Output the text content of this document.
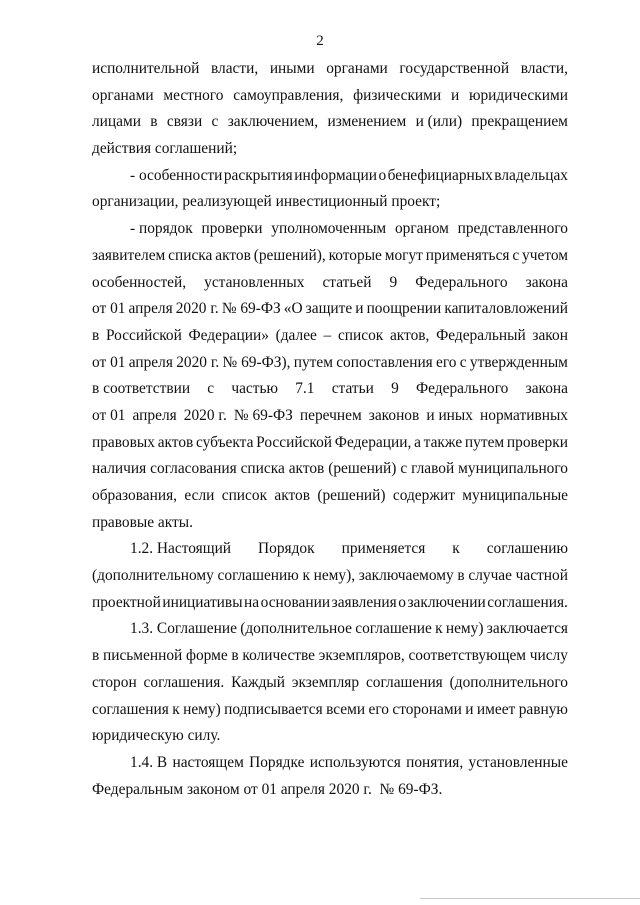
2
исполнительной власти, иными органами государственной власти,
органами местного самоуправления, физическими и юридическими
лицами в связи с заключением, изменением и (или) прекращением
действия соглашений;
- особенности раскрытия информации о бенефициарных владельцах
организации, реализующей инвестиционный проект;
- порядок проверки уполномоченным органом представленного
заявителем списка актов (решений), которые могут применяться с учетом
особенностей, установленных статьей 9 Федерального закона
от 01 апреля 2020 г. № 69-ФЗ «О защите и поощрении капиталовложений
в Российской Федерации» (далее – список актов, Федеральный закон
от 01 апреля 2020 г. № 69-ФЗ), путем сопоставления его с утвержденным
в соответствии с частью 7.1 статьи 9 Федерального закона
от 01 апреля 2020 г. № 69-ФЗ перечнем законов и иных нормативных
правовых актов субъекта Российской Федерации, а также путем проверки
наличия согласования списка актов (решений) с главой муниципального
образования, если список актов (решений) содержит муниципальные
правовые акты.
1.2. Настоящий Порядок применяется к соглашению
(дополнительному соглашению к нему), заключаемому в случае частной
проектной инициативы на основании заявления о заключении соглашения.
1.3. Соглашение (дополнительное соглашение к нему) заключается
в письменной форме в количестве экземпляров, соответствующем числу
сторон соглашения. Каждый экземпляр соглашения (дополнительного
соглашения к нему) подписывается всеми его сторонами и имеет равную
юридическую силу.
1.4. В настоящем Порядке используются понятия, установленные
Федеральным законом от 01 апреля 2020 г.  № 69-ФЗ.
